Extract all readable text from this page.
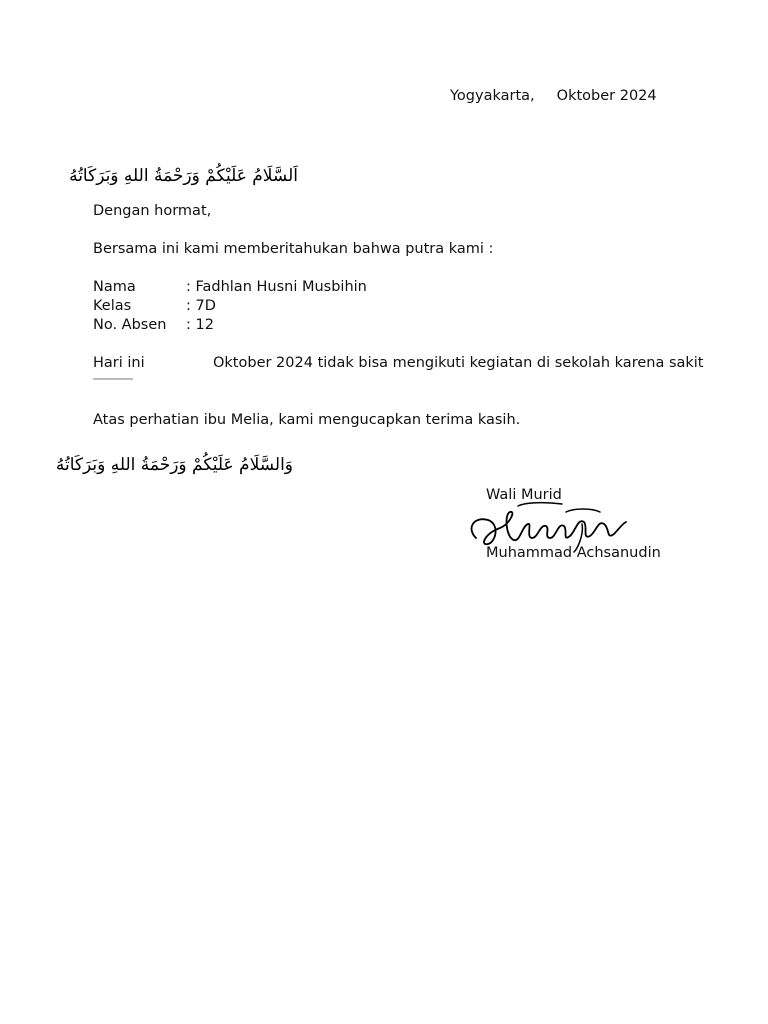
Yogyakarta, Oktober 2024
اَلسَّلَامُ عَلَيْكُمْ وَرَحْمَةُ اللهِ وَبَرَكَاتُهُ
Dengan hormat,
Bersama ini kami memberitahukan bahwa putra kami :
Nama	: Fadhlan Husni Musbihin
Kelas	: 7D
No. Absen : 12
Hari ini	Oktober 2024 tidak bisa mengikuti kegiatan di sekolah karena sakit
Atas perhatian ibu Melia, kami mengucapkan terima kasih.
وَالسَّلَامُ عَلَيْكُمْ وَرَحْمَةُ اللهِ وَبَرَكَاتُهُ
Wali Murid
Muhammad Achsanudin
